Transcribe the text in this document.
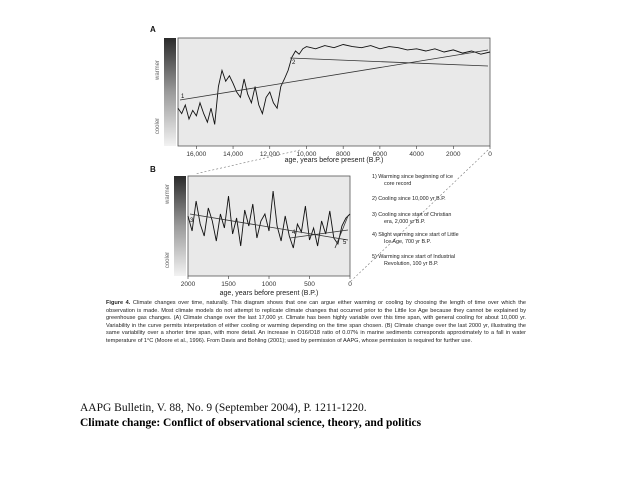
A
warmer
cooler
16,000	14,000	12,000	10,000	8000	6000	4000	2000	0
1
2
age, years before present (B.P.)
B
warmer
cooler
2000	1500	1000	500	0
3
4
5
age, years before present (B.P.)
1) Warming since beginning of ice
core record
2) Cooling since 10,000 yr B.P.
3) Cooling since start of Christian
era, 2,000 yr B.P.
4) Slight warming since start of Little
Ice Age, 700 yr B.P.
5) Warming since start of Industrial
Revolution, 100 yr B.P.
Figure 4. Climate changes over time, naturally. This diagram shows that one can argue either warming or cooling by choosing the length of time over which the observation is made. Most climate models do not attempt to replicate climate changes that occurred prior to the Little Ice Age because they cannot be explained by greenhouse gas changes. (A) Climate change over the last 17,000 yr. Climate has been highly variable over this time span, with general cooling for about 10,000 yr. Variability in the curve permits interpretation of either cooling or warming depending on the time span chosen. (B) Climate change over the last 2000 yr, illustrating the same variability over a shorter time span, with more detail. An increase in O16/O18 ratio of 0.07% in marine sediments corresponds approximately to a fall in water temperature of 1°C (Moore et al., 1996). From Davis and Bohling (2001); used by permission of AAPG, whose permission is required for further use.
AAPG Bulletin, V. 88, No. 9 (September 2004), P. 1211-1220.
Climate change: Conflict of observational science, theory, and politics
